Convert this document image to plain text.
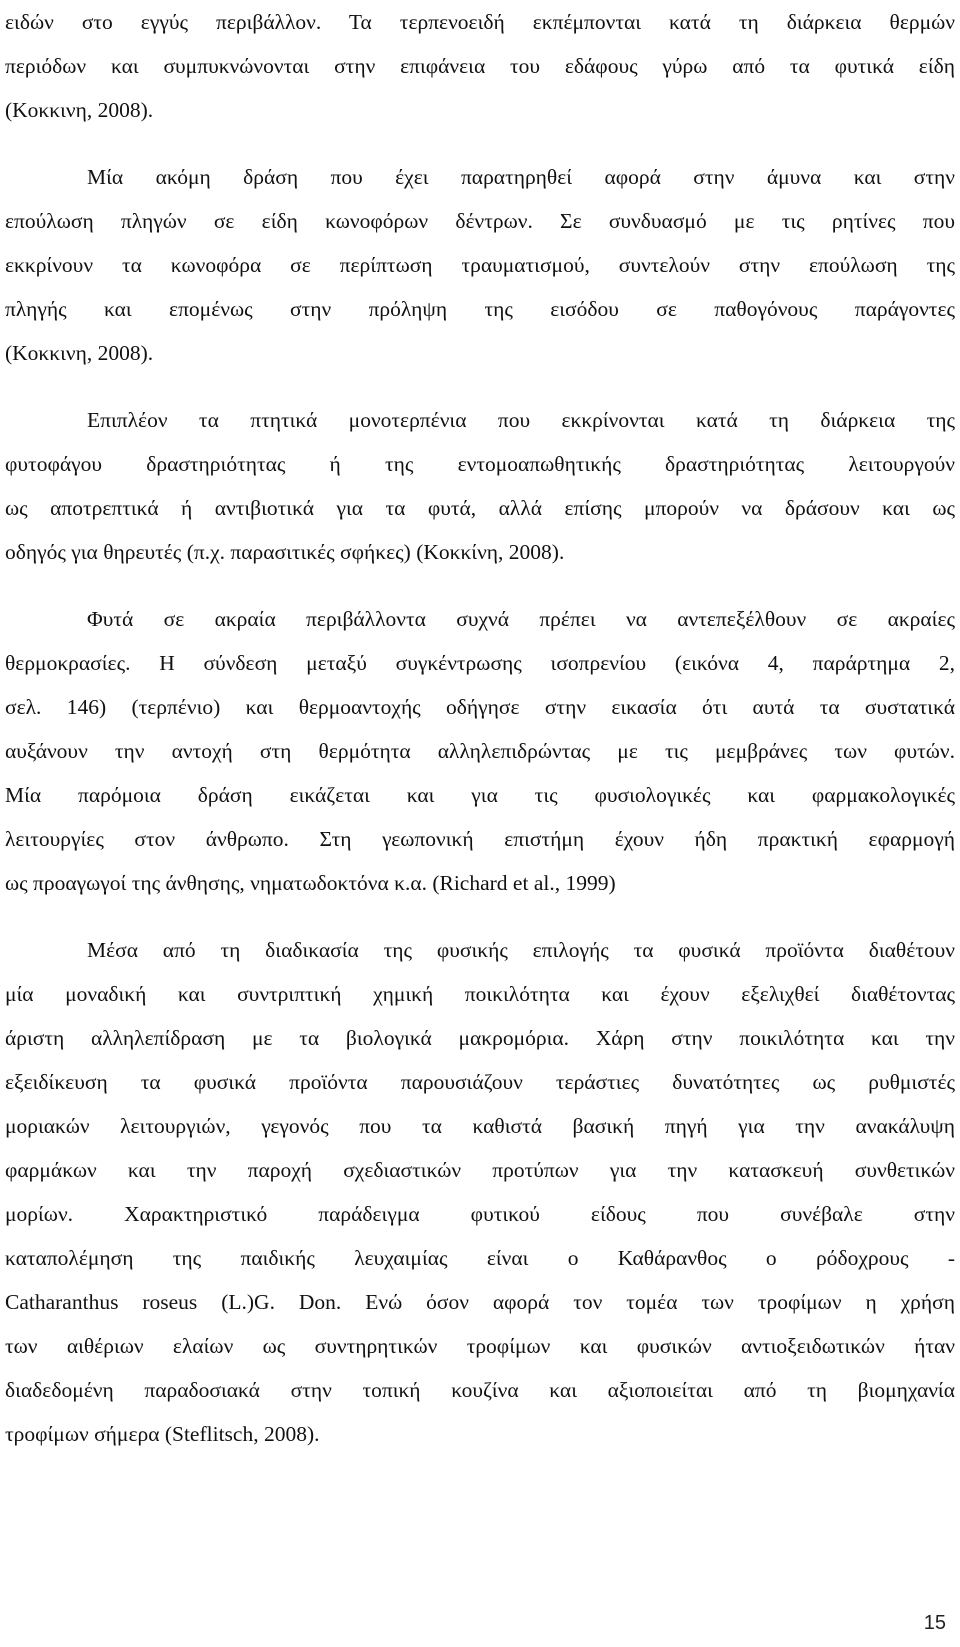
ειδών στο εγγύς περιβάλλον. Τα τερπενοειδή εκπέμπονται κατά τη διάρκεια θερμών
περιόδων και συμπυκνώνονται στην επιφάνεια του εδάφους γύρω από τα φυτικά είδη
(Κοκκινη, 2008).
Μία ακόμη δράση που έχει παρατηρηθεί αφορά στην άμυνα και στην
επούλωση πληγών σε είδη κωνοφόρων δέντρων. Σε συνδυασμό με τις ρητίνες που
εκκρίνουν τα κωνοφόρα σε περίπτωση τραυματισμού, συντελούν στην επούλωση της
πληγής και επομένως στην πρόληψη της εισόδου σε παθογόνους παράγοντες
(Κοκκινη, 2008).
Επιπλέον τα πτητικά μονοτερπένια που εκκρίνονται κατά τη διάρκεια της
φυτοφάγου δραστηριότητας ή της εντομοαπωθητικής δραστηριότητας λειτουργούν
ως αποτρεπτικά ή αντιβιοτικά για τα φυτά, αλλά επίσης μπορούν να δράσουν και ως
οδηγός για θηρευτές (π.χ. παρασιτικές σφήκες) (Κοκκίνη, 2008).
Φυτά σε ακραία περιβάλλοντα συχνά πρέπει να αντεπεξέλθουν σε ακραίες
θερμοκρασίες. Η σύνδεση μεταξύ συγκέντρωσης ισοπρενίου (εικόνα 4, παράρτημα 2,
σελ. 146) (τερπένιο) και θερμοαντοχής οδήγησε στην εικασία ότι αυτά τα συστατικά
αυξάνουν την αντοχή στη θερμότητα αλληλεπιδρώντας με τις μεμβράνες των φυτών.
Μία παρόμοια δράση εικάζεται και για τις φυσιολογικές και φαρμακολογικές
λειτουργίες στον άνθρωπο. Στη γεωπονική επιστήμη έχουν ήδη πρακτική εφαρμογή
ως προαγωγοί της άνθησης, νηματωδοκτόνα κ.α. (Richard et al., 1999)
Μέσα από τη διαδικασία της φυσικής επιλογής τα φυσικά προϊόντα διαθέτουν
μία μοναδική και συντριπτική χημική ποικιλότητα και έχουν εξελιχθεί διαθέτοντας
άριστη αλληλεπίδραση με τα βιολογικά μακρομόρια. Χάρη στην ποικιλότητα και την
εξειδίκευση τα φυσικά προϊόντα παρουσιάζουν τεράστιες δυνατότητες ως ρυθμιστές
μοριακών λειτουργιών, γεγονός που τα καθιστά βασική πηγή για την ανακάλυψη
φαρμάκων και την παροχή σχεδιαστικών προτύπων για την κατασκευή συνθετικών
μορίων. Χαρακτηριστικό παράδειγμα φυτικού είδους που συνέβαλε στην
καταπολέμηση της παιδικής λευχαιμίας είναι ο Καθάρανθος ο ρόδοχρους -
Catharanthus roseus (L.)G. Don. Ενώ όσον αφορά τον τομέα των τροφίμων η χρήση
των αιθέριων ελαίων ως συντηρητικών τροφίμων και φυσικών αντιοξειδωτικών ήταν
διαδεδομένη παραδοσιακά στην τοπική κουζίνα και αξιοποιείται από τη βιομηχανία
τροφίμων σήμερα (Steflitsch, 2008).
15
